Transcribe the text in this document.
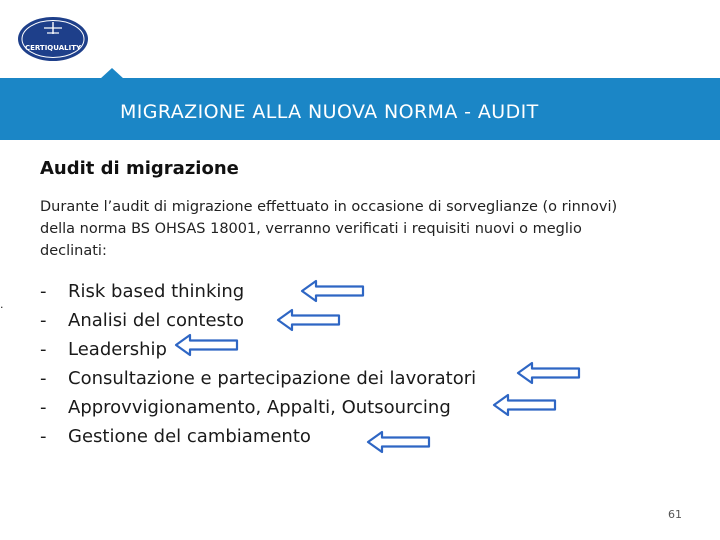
CERTIQUALITY
MIGRAZIONE ALLA NUOVA NORMA - AUDIT
Audit di migrazione

Durante l’audit di migrazione effettuato in occasione di sorveglianze (o rinnovi) della norma BS OHSAS 18001, verranno verificati i requisiti nuovi o meglio declinati:

.
- Risk based thinking
- Analisi del contesto
- Leadership
- Consultazione e partecipazione dei lavoratori
- Approvvigionamento, Appalti, Outsourcing
- Gestione del cambiamento
61
